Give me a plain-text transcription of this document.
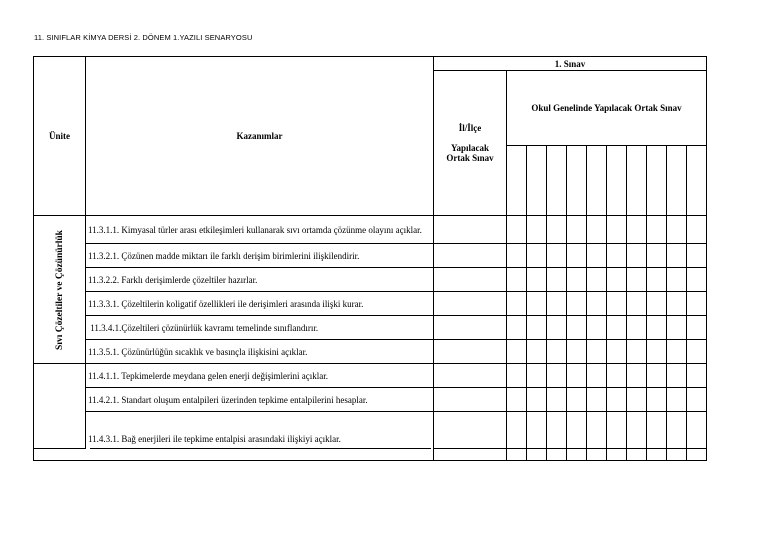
11. SINIFLAR KİMYA DERSİ 2. DÖNEM 1.YAZILI SENARYOSU
Ünite	Kazanımlar	1. Sınav										

		İl/İlçe
Yapılacak
Ortak Sınav	Okul Genelinde Yapılacak Ortak Sınav									

Sıvı Çözeltiler ve Çözünürlük	11.3.1.1. Kimyasal türler arası etkileşimleri kullanarak sıvı ortamda çözünme olayını açıklar.											
	11.3.2.1. Çözünen madde miktarı ile farklı derişim birimlerini ilişkilendirir.											
	11.3.2.2. Farklı derişimlerde çözeltiler hazırlar.											
	11.3.3.1. Çözeltilerin koligatif özellikleri ile derişimleri arasında ilişki kurar.											
	11.3.4.1.Çözeltileri çözünürlük kavramı temelinde sınıflandırır.											
	11.3.5.1. Çözünürlüğün sıcaklık ve basınçla ilişkisini açıklar.											
	11.4.1.1. Tepkimelerde meydana gelen enerji değişimlerini açıklar.											
	11.4.2.1. Standart oluşum entalpileri üzerinden tepkime entalpilerini hesaplar.											

	11.4.3.1. Bağ enerjileri ile tepkime entalpisi arasındaki ilişkiyi açıklar.											
